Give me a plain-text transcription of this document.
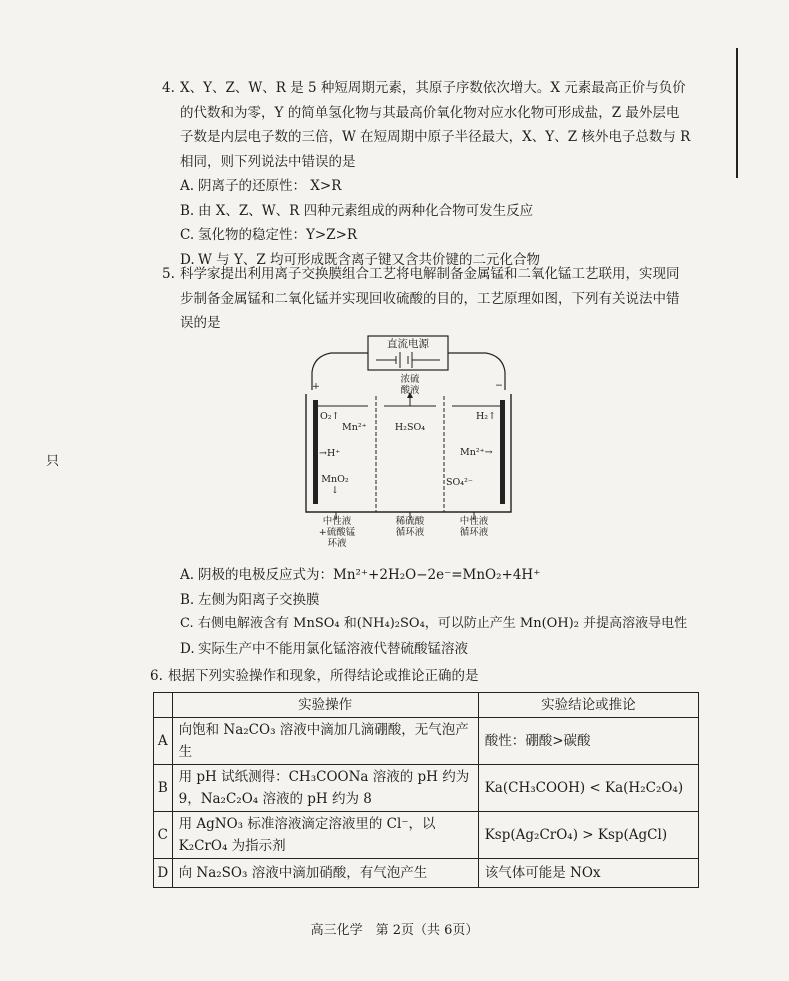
只

4. X、Y、Z、W、R 是 5 种短周期元素，其原子序数依次增大。X 元素最高正价与负价

的代数和为零，Y 的简单氢化物与其最高价氧化物对应水化物可形成盐，Z 最外层电

子数是内层电子数的三倍，W 在短周期中原子半径最大，X、Y、Z 核外电子总数与 R

相同，则下列说法中错误的是

A. 阴离子的还原性： X>R

B. 由 X、Z、W、R 四种元素组成的两种化合物可发生反应

C. 氢化物的稳定性：Y>Z>R

D. W 与 Y、Z 均可形成既含离子键又含共价键的二元化合物

5. 科学家提出利用离子交换膜组合工艺将电解制备金属锰和二氧化锰工艺联用，实现同

步制备金属锰和二氧化锰并实现回收硫酸的目的，工艺原理如图，下列有关说法中错

误的是

直流电源
+	−
浓硫
酸液
O₂↑	H₂↑
Mn²⁺	H₂SO₄
→H⁺	Mn²⁺→
MnO₂
↓
SO₄²⁻
中性液
+硫酸锰
环液
稀硫酸
循环液
中性液
循环液

A. 阴极的电极反应式为：Mn²⁺+2H₂O−2e⁻=MnO₂+4H⁺

B. 左侧为阳离子交换膜

C. 右侧电解液含有 MnSO₄ 和(NH₄)₂SO₄，可以防止产生 Mn(OH)₂ 并提高溶液导电性

D. 实际生产中不能用氯化锰溶液代替硫酸锰溶液

6. 根据下列实验操作和现象，所得结论或推论正确的是

	实验操作	实验结论或推论
A	向饱和 Na₂CO₃ 溶液中滴加几滴硼酸，无气泡产生	酸性：硼酸>碳酸
B	用 pH 试纸测得：CH₃COONa 溶液的 pH 约为 9，Na₂C₂O₄ 溶液的 pH 约为 8	Ka(CH₃COOH) < Ka(H₂C₂O₄)
C	用 AgNO₃ 标准溶液滴定溶液里的 Cl⁻，以 K₂CrO₄ 为指示剂	Ksp(Ag₂CrO₄) > Ksp(AgCl)
D	向 Na₂SO₃ 溶液中滴加硝酸，有气泡产生	该气体可能是 NOx
高三化学　第 2页（共 6页）
